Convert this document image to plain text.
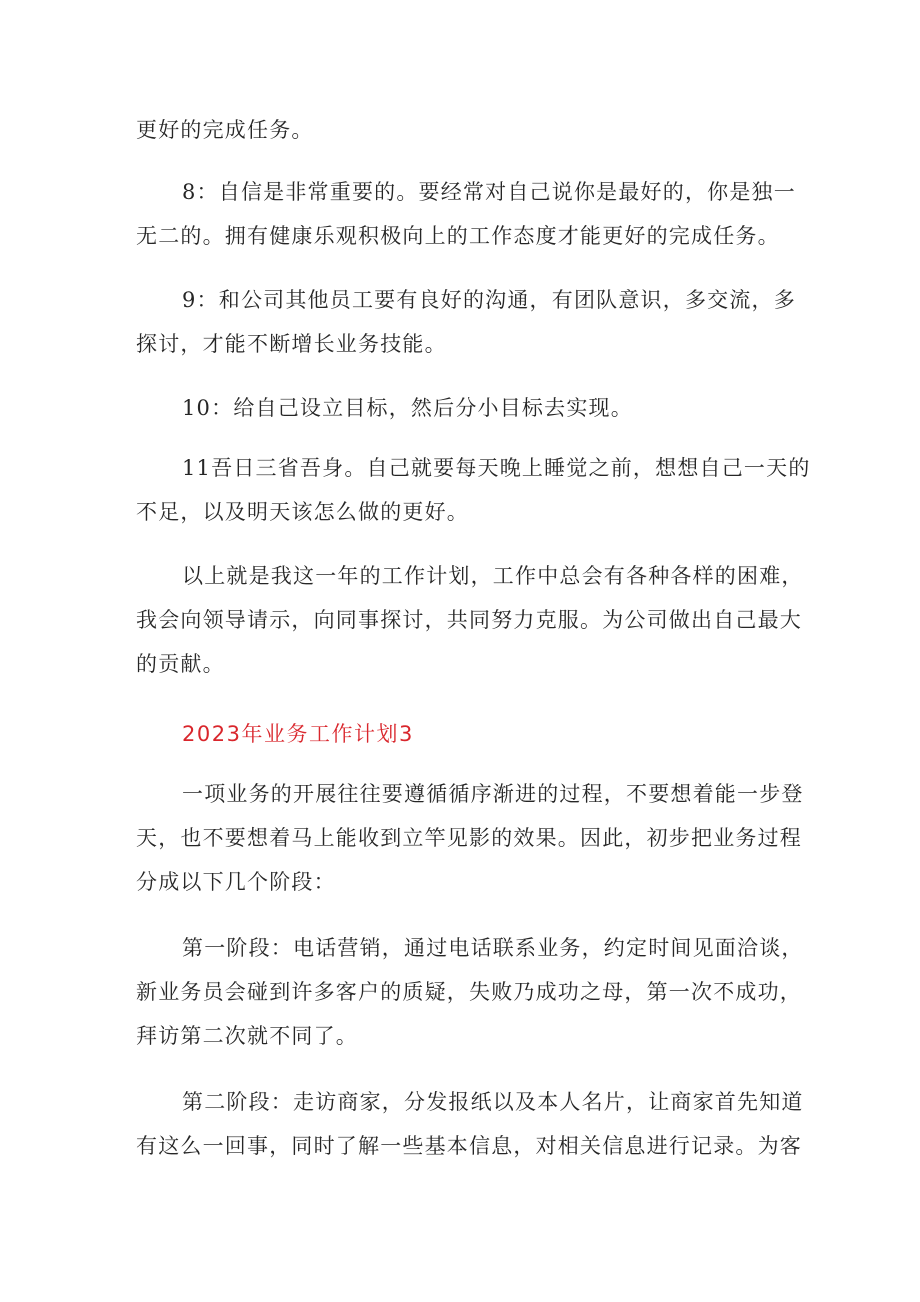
更好的完成任务。

8：自信是非常重要的。要经常对自己说你是最好的，你是独一
无二的。拥有健康乐观积极向上的工作态度才能更好的完成任务。

9：和公司其他员工要有良好的沟通，有团队意识，多交流，多
探讨，才能不断增长业务技能。

10：给自己设立目标，然后分小目标去实现。

11吾日三省吾身。自己就要每天晚上睡觉之前，想想自己一天的
不足，以及明天该怎么做的更好。

以上就是我这一年的工作计划，工作中总会有各种各样的困难，
我会向领导请示，向同事探讨，共同努力克服。为公司做出自己最大
的贡献。

2023年业务工作计划3

一项业务的开展往往要遵循循序渐进的过程，不要想着能一步登
天，也不要想着马上能收到立竿见影的效果。因此，初步把业务过程
分成以下几个阶段：

第一阶段：电话营销，通过电话联系业务，约定时间见面洽谈，
新业务员会碰到许多客户的质疑，失败乃成功之母，第一次不成功，
拜访第二次就不同了。

第二阶段：走访商家，分发报纸以及本人名片，让商家首先知道
有这么一回事，同时了解一些基本信息，对相关信息进行记录。为客
